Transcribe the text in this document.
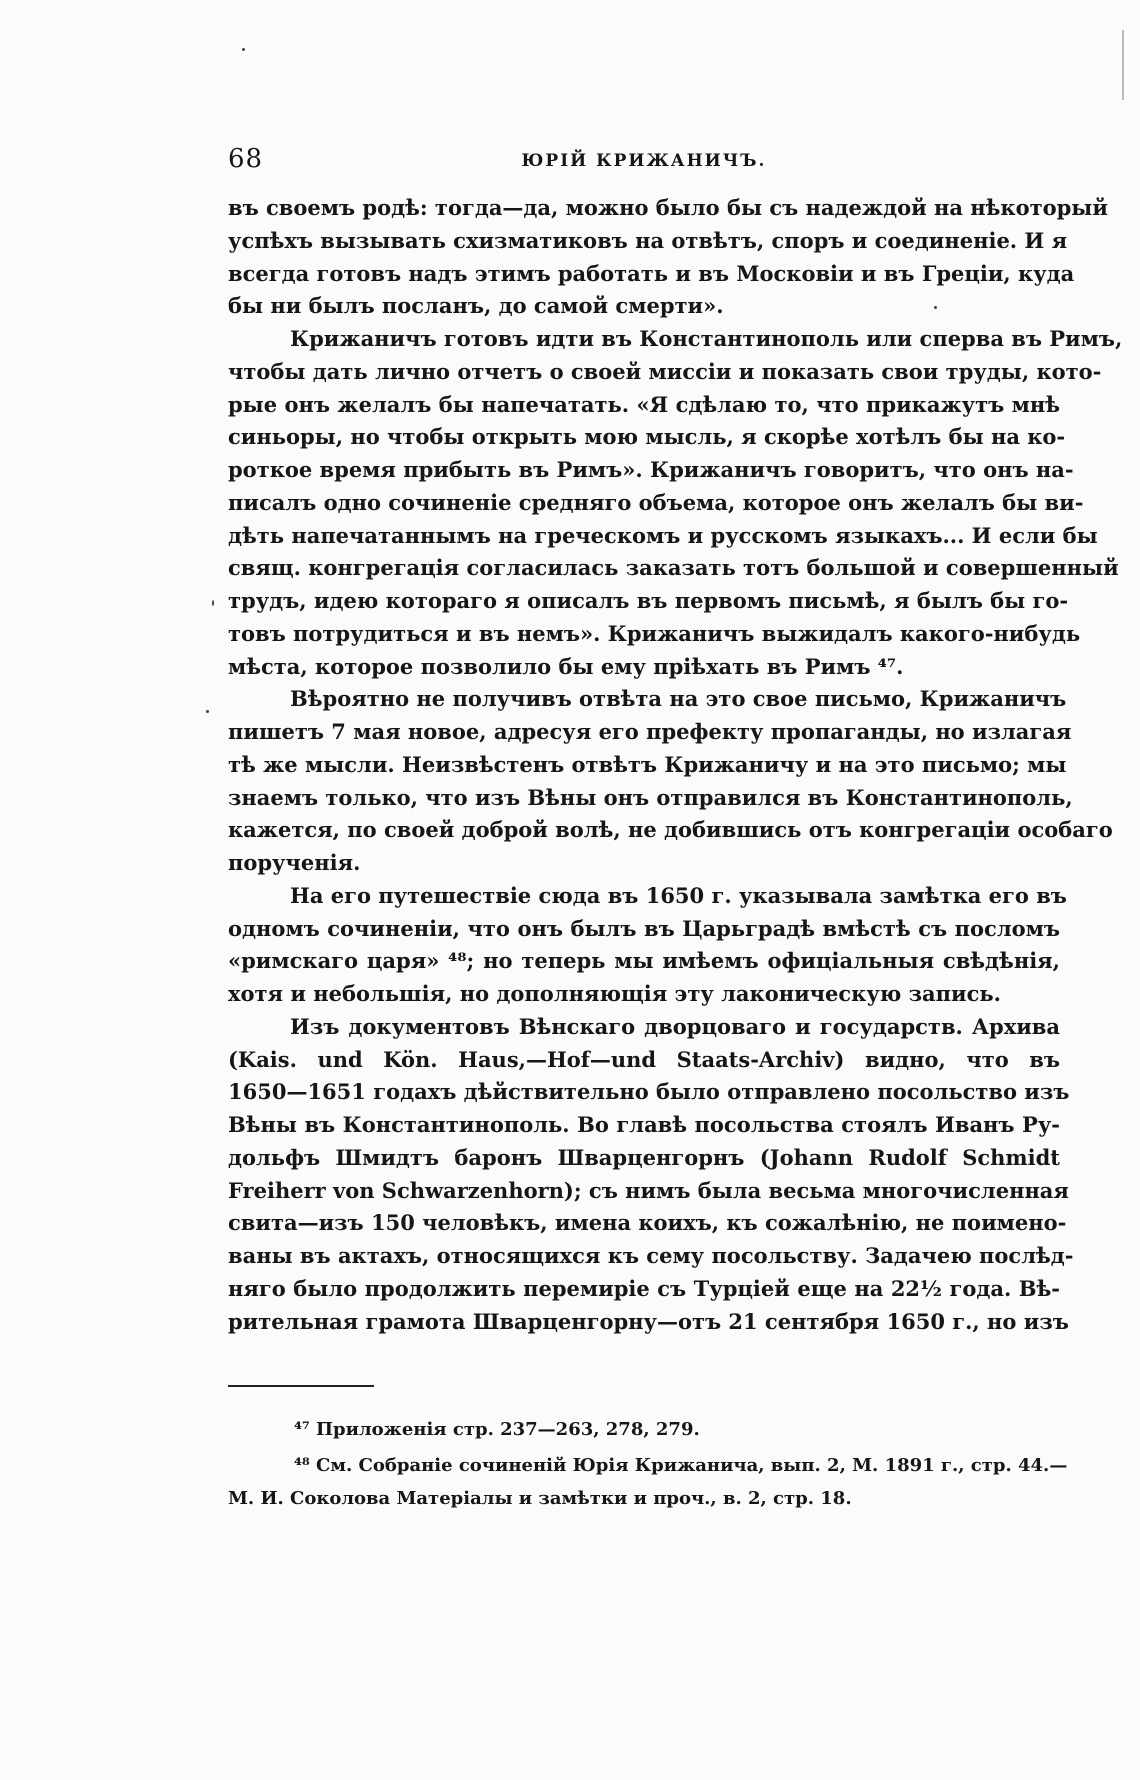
68	ЮРІЙ КРИЖАНИЧЪ.
въ своемъ родѣ: тогда—да, можно было бы съ надеждой на нѣкоторый
успѣхъ вызывать схизматиковъ на отвѣтъ, споръ и соединеніе. И я
всегда готовъ надъ этимъ работать и въ Московіи и въ Греціи, куда
бы ни былъ посланъ, до самой смерти».
Крижаничъ готовъ идти въ Константинополь или сперва въ Римъ,
чтобы дать лично отчетъ о своей миссіи и показать свои труды, кото-
рые онъ желалъ бы напечатать. «Я сдѣлаю то, что прикажутъ мнѣ
синьоры, но чтобы открыть мою мысль, я скорѣе хотѣлъ бы на ко-
роткое время прибыть въ Римъ». Крижаничъ говоритъ, что онъ на-
писалъ одно сочиненіе средняго объема, которое онъ желалъ бы ви-
дѣть напечатаннымъ на греческомъ и русскомъ языкахъ... И если бы
свящ. конгрегація согласилась заказать тотъ большой и совершенный
трудъ, идею котораго я описалъ въ первомъ письмѣ, я былъ бы го-
товъ потрудиться и въ немъ». Крижаничъ выжидалъ какого-нибудь
мѣста, которое позволило бы ему пріѣхать въ Римъ ⁴⁷.
Вѣроятно не получивъ отвѣта на это свое письмо, Крижаничъ
пишетъ 7 мая новое, адресуя его префекту пропаганды, но излагая
тѣ же мысли. Неизвѣстенъ отвѣтъ Крижаничу и на это письмо; мы
знаемъ только, что изъ Вѣны онъ отправился въ Константинополь,
кажется, по своей доброй волѣ, не добившись отъ конгрегаціи особаго
порученія.
На его путешествіе сюда въ 1650 г. указывала замѣтка его въ
одномъ сочиненіи, что онъ былъ въ Царьградѣ вмѣстѣ съ посломъ
«римскаго царя» ⁴⁸; но теперь мы имѣемъ офиціальныя свѣдѣнія,
хотя и небольшія, но дополняющія эту лаконическую запись.
Изъ документовъ Вѣнскаго дворцоваго и государств. Архива
(Kais. und Kön. Haus,—Hof—und Staats-Archiv) видно, что въ
1650—1651 годахъ дѣйствительно было отправлено посольство изъ
Вѣны въ Константинополь. Во главѣ посольства стоялъ Иванъ Ру-
дольфъ Шмидтъ баронъ Шварценгорнъ (Johann Rudolf Schmidt
Freiherr von Schwarzenhorn); съ нимъ была весьма многочисленная
свита—изъ 150 человѣкъ, имена коихъ, къ сожалѣнію, не поимено-
ваны въ актахъ, относящихся къ сему посольству. Задачею послѣд-
няго было продолжить перемиріе съ Турціей еще на 22½ года. Вѣ-
рительная грамота Шварценгорну—отъ 21 сентября 1650 г., но изъ
⁴⁷ Приложенія стр. 237—263, 278, 279.
⁴⁸ См. Собраніе сочиненій Юрія Крижанича, вып. 2, М. 1891 г., стр. 44.—
М. И. Соколова Матеріалы и замѣтки и проч., в. 2, стр. 18.
